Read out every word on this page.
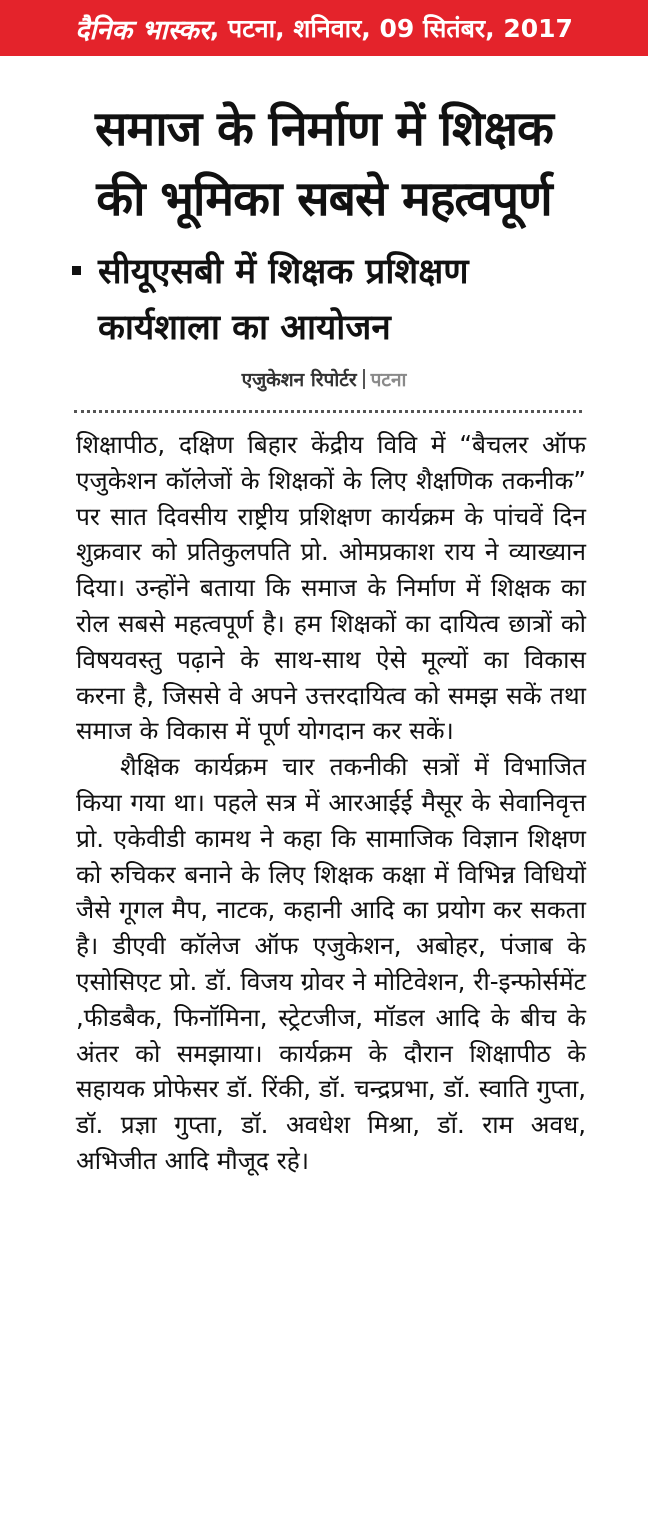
दैनिक भास्कर , पटना, शनिवार, 09 सितंबर, 2017
समाज के निर्माण में शिक्षक
की भूमिका सबसे महत्वपूर्ण
सीयूएसबी में शिक्षक प्रशिक्षण
कार्यशाला का आयोजन
एजुकेशन रिपोर्टर पटना

शिक्षापीठ, दक्षिण बिहार केंद्रीय विवि में “बैचलर ऑफ एजुकेशन कॉलेजों के शिक्षकों के लिए शैक्षणिक तकनीक” पर सात दिवसीय राष्ट्रीय प्रशिक्षण कार्यक्रम के पांचवें दिन शुक्रवार को प्रतिकुलपति प्रो. ओमप्रकाश राय ने व्याख्यान दिया। उन्होंने बताया कि समाज के निर्माण में शिक्षक का रोल सबसे महत्वपूर्ण है। हम शिक्षकों का दायित्व छात्रों को विषयवस्तु पढ़ाने के साथ-साथ ऐसे मूल्यों का विकास करना है, जिससे वे अपने उत्तरदायित्व को समझ सकें तथा समाज के विकास में पूर्ण योगदान कर सकें।

शैक्षिक कार्यक्रम चार तकनीकी सत्रों में विभाजित किया गया था। पहले सत्र में आरआईई मैसूर के सेवानिवृत्त प्रो. एकेवीडी कामथ ने कहा कि सामाजिक विज्ञान शिक्षण को रुचिकर बनाने के लिए शिक्षक कक्षा में विभिन्न विधियों जैसे गूगल मैप, नाटक, कहानी आदि का प्रयोग कर सकता है। डीएवी कॉलेज ऑफ एजुकेशन, अबोहर, पंजाब के एसोसिएट प्रो. डॉ. विजय ग्रोवर ने मोटिवेशन, री-इन्फोर्समेंट ,फीडबैक, फिनॉमिना, स्ट्रेटजीज, मॉडल आदि के बीच के अंतर को समझाया। कार्यक्रम के दौरान शिक्षापीठ के सहायक प्रोफेसर डॉ. रिंकी, डॉ. चन्द्रप्रभा, डॉ. स्वाति गुप्ता, डॉ. प्रज्ञा गुप्ता, डॉ. अवधेश मिश्रा, डॉ. राम अवध, अभिजीत आदि मौजूद रहे।
